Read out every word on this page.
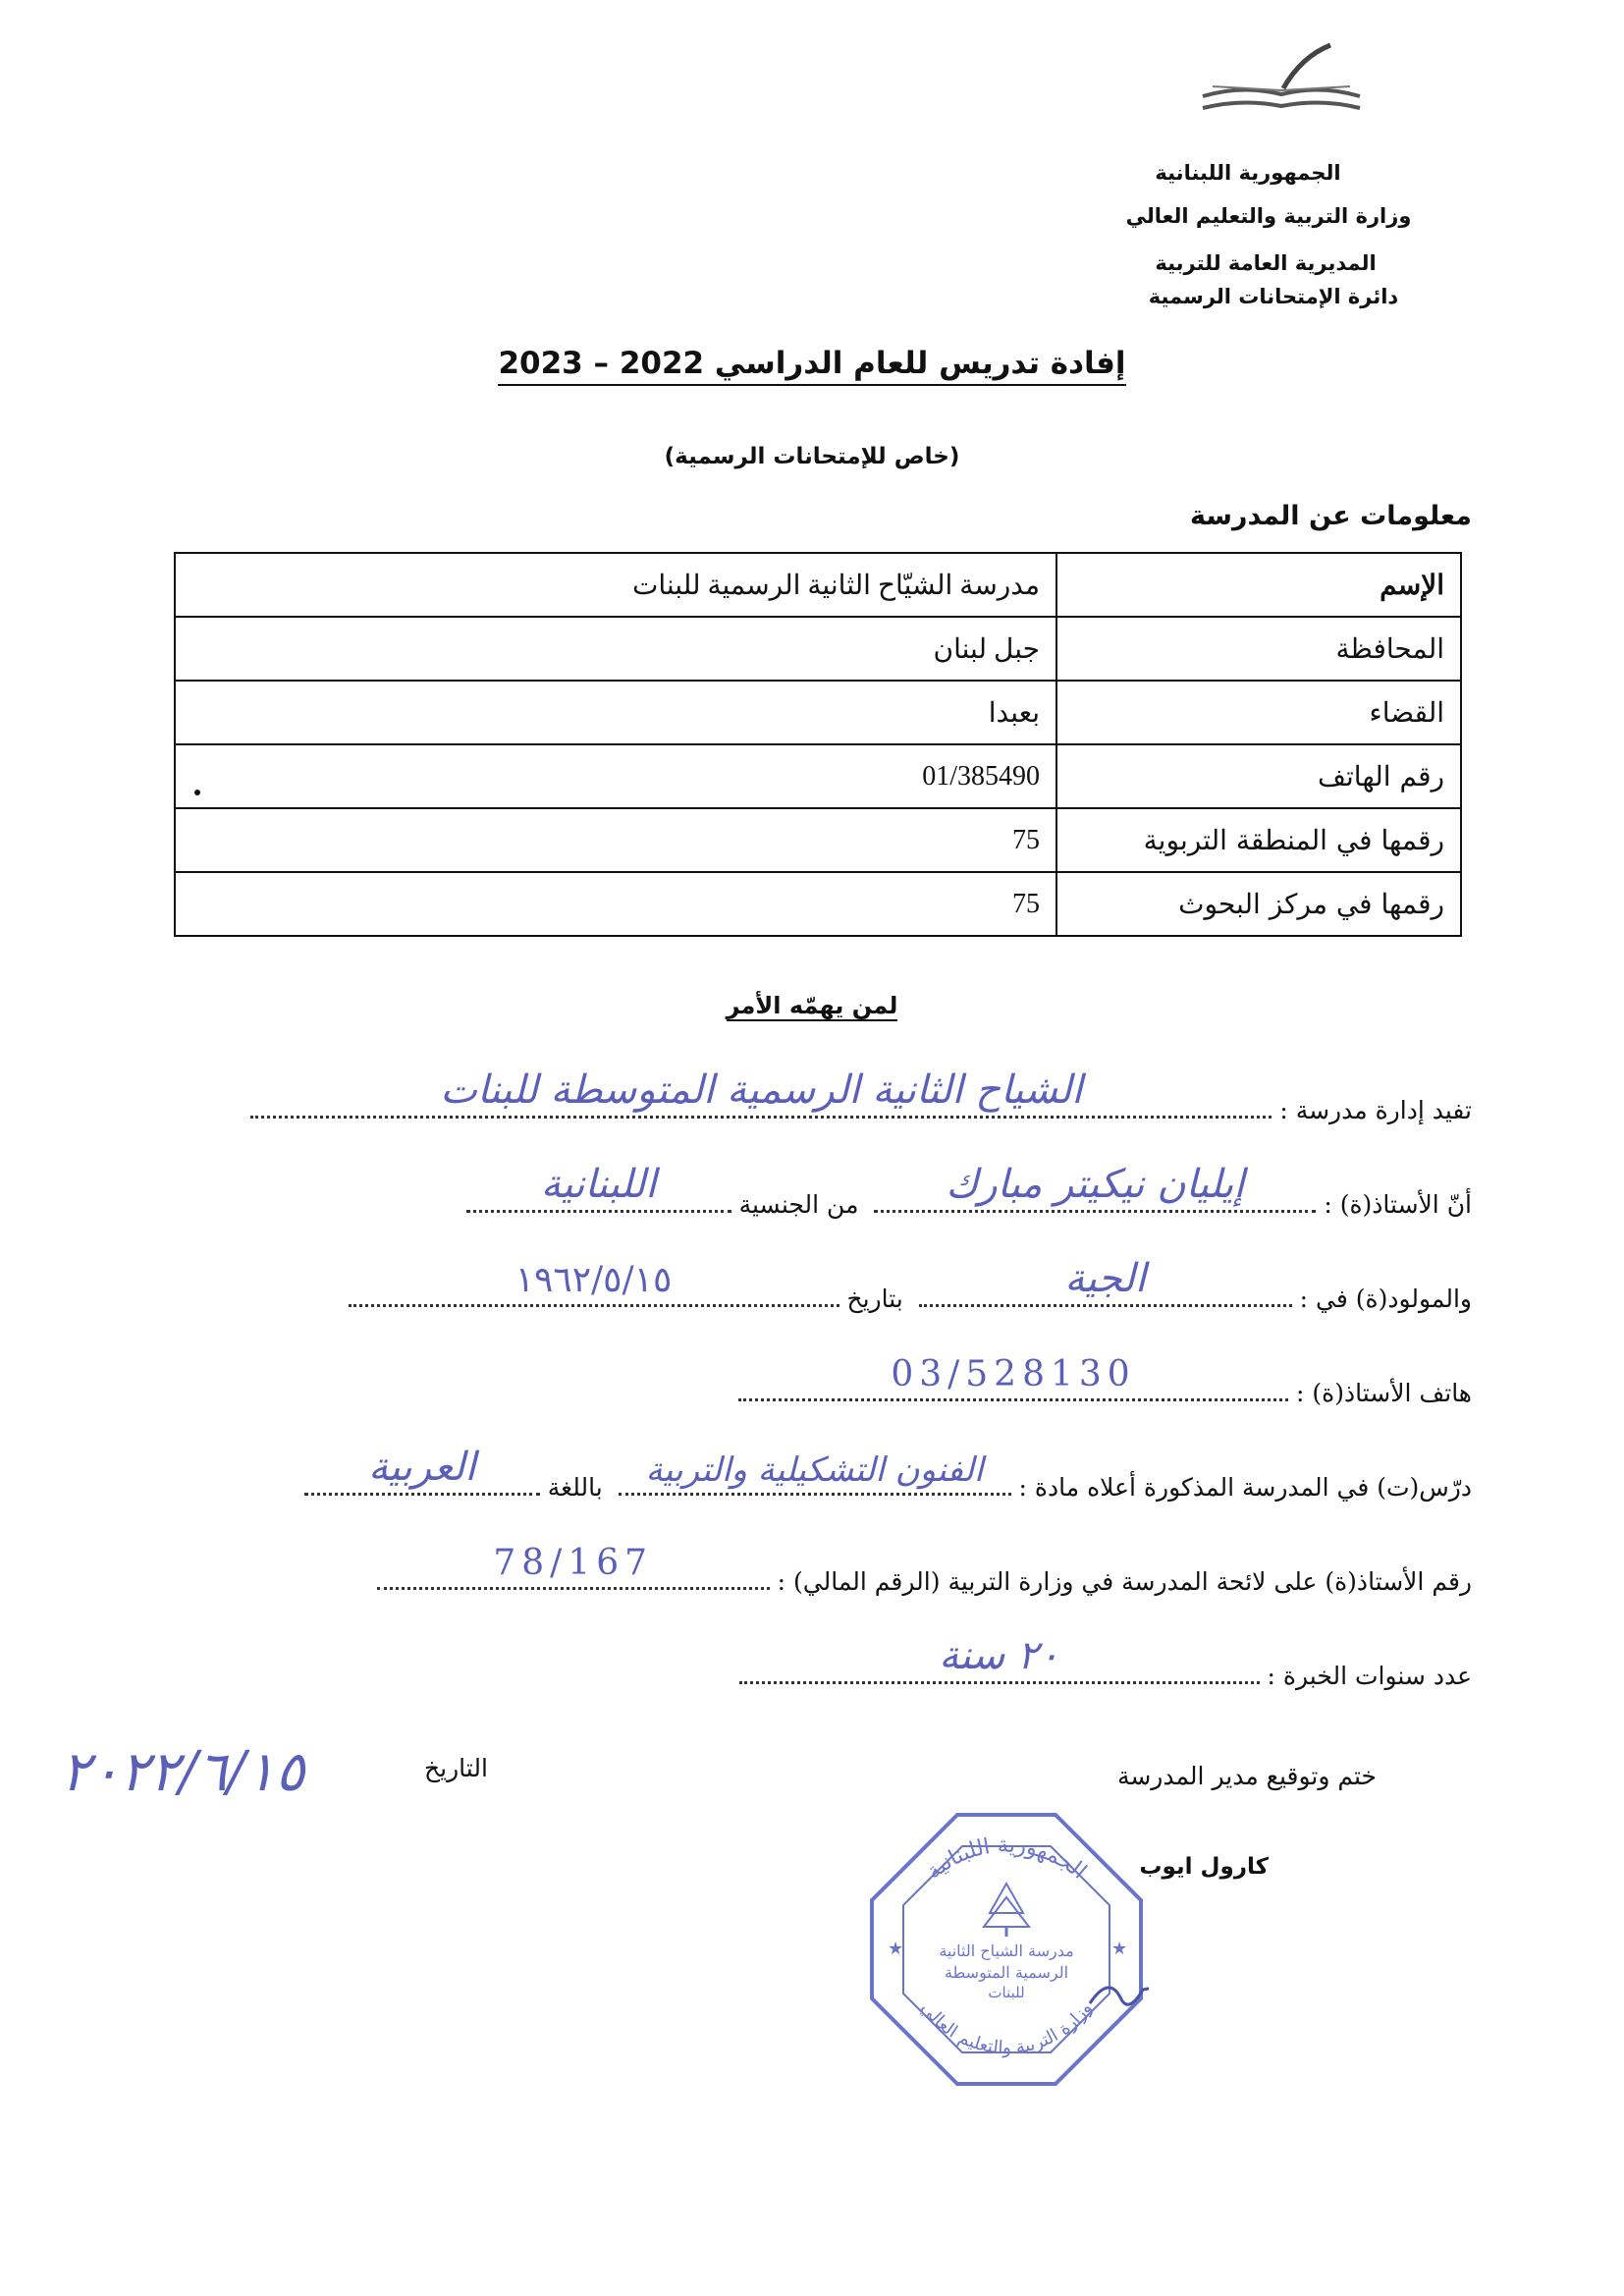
الجمهورية اللبنانية
وزارة التربية والتعليم العالي
المديرية العامة للتربية
دائرة الإمتحانات الرسمية
إفادة تدريس للعام الدراسي 2022 – 2023
(خاص للإمتحانات الرسمية)
معلومات عن المدرسة
الإسم	مدرسة الشيّاح الثانية الرسمية للبنات
المحافظة	جبل لبنان
القضاء	بعبدا
رقم الهاتف	01/385490
رقمها في المنطقة التربوية	75
رقمها في مركز البحوث	75
لمن يهمّه الأمر
تفيد إدارة مدرسة :
الشياح الثانية الرسمية المتوسطة للبنات
أنّ الأستاذ(ة) :
إيليان نيكيتر مبارك
من الجنسية
اللبنانية
والمولود(ة) في :
الجية
بتاريخ
١٩٦٢/٥/١٥
هاتف الأستاذ(ة) :
03/528130
درّس(ت) في المدرسة المذكورة أعلاه مادة :
الفنون التشكيلية والتربية
باللغة
العربية
رقم الأستاذ(ة) على لائحة المدرسة في وزارة التربية (الرقم المالي) :
78/167
عدد سنوات الخبرة :
٢٠ سنة
ختم وتوقيع مدير المدرسة
التاريخ
٢٠٢٢/٦/١٥
كارول ايوب
الجمهورية اللبنانية
وزارة التربية والتعليم العالي
مدرسة الشياح الثانية
الرسمية المتوسطة
للبنات
★	★
